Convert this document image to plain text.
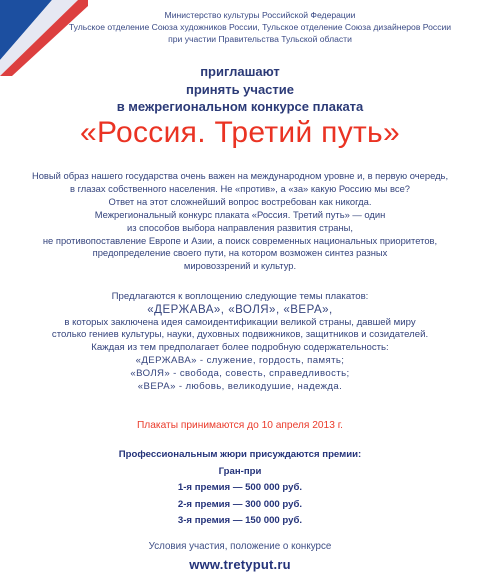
Министерство культуры Российской Федерации
Тульское отделение Союза художников России, Тульское отделение Союза дизайнеров России
при участии Правительства Тульской области
приглашают
принять участие
в межрегиональном конкурсе плаката
«Россия. Третий путь»
Новый образ нашего государства очень важен на международном уровне и, в первую очередь,
в глазах собственного населения. Не «против», а «за» какую Россию мы все?
Ответ на этот сложнейший вопрос востребован как никогда.
Межрегиональный конкурс плаката «Россия. Третий путь» — один
из способов выбора направления развития страны,
не противопоставление Европе и Азии, а поиск современных национальных приоритетов,
предопределение своего пути, на котором возможен синтез разных
мировоззрений и культур.
Предлагаются к воплощению следующие темы плакатов:
«ДЕРЖАВА», «ВОЛЯ», «ВЕРА»,
в которых заключена идея самоидентификации великой страны, давшей миру
столько гениев культуры, науки, духовных подвижников, защитников и созидателей.
Каждая из тем предполагает более подробную содержательность:
«ДЕРЖАВА» - служение, гордость, память;
«ВОЛЯ» - свобода, совесть, справедливость;
«ВЕРА» - любовь, великодушие, надежда.
Плакаты принимаются до 10 апреля 2013 г.
Профессиональным жюри присуждаются премии:
Гран-при
1-я премия — 500 000 руб.
2-я премия — 300 000 руб.
3-я премия — 150 000 руб.
Условия участия, положение о конкурсе
www.tretyput.ru
